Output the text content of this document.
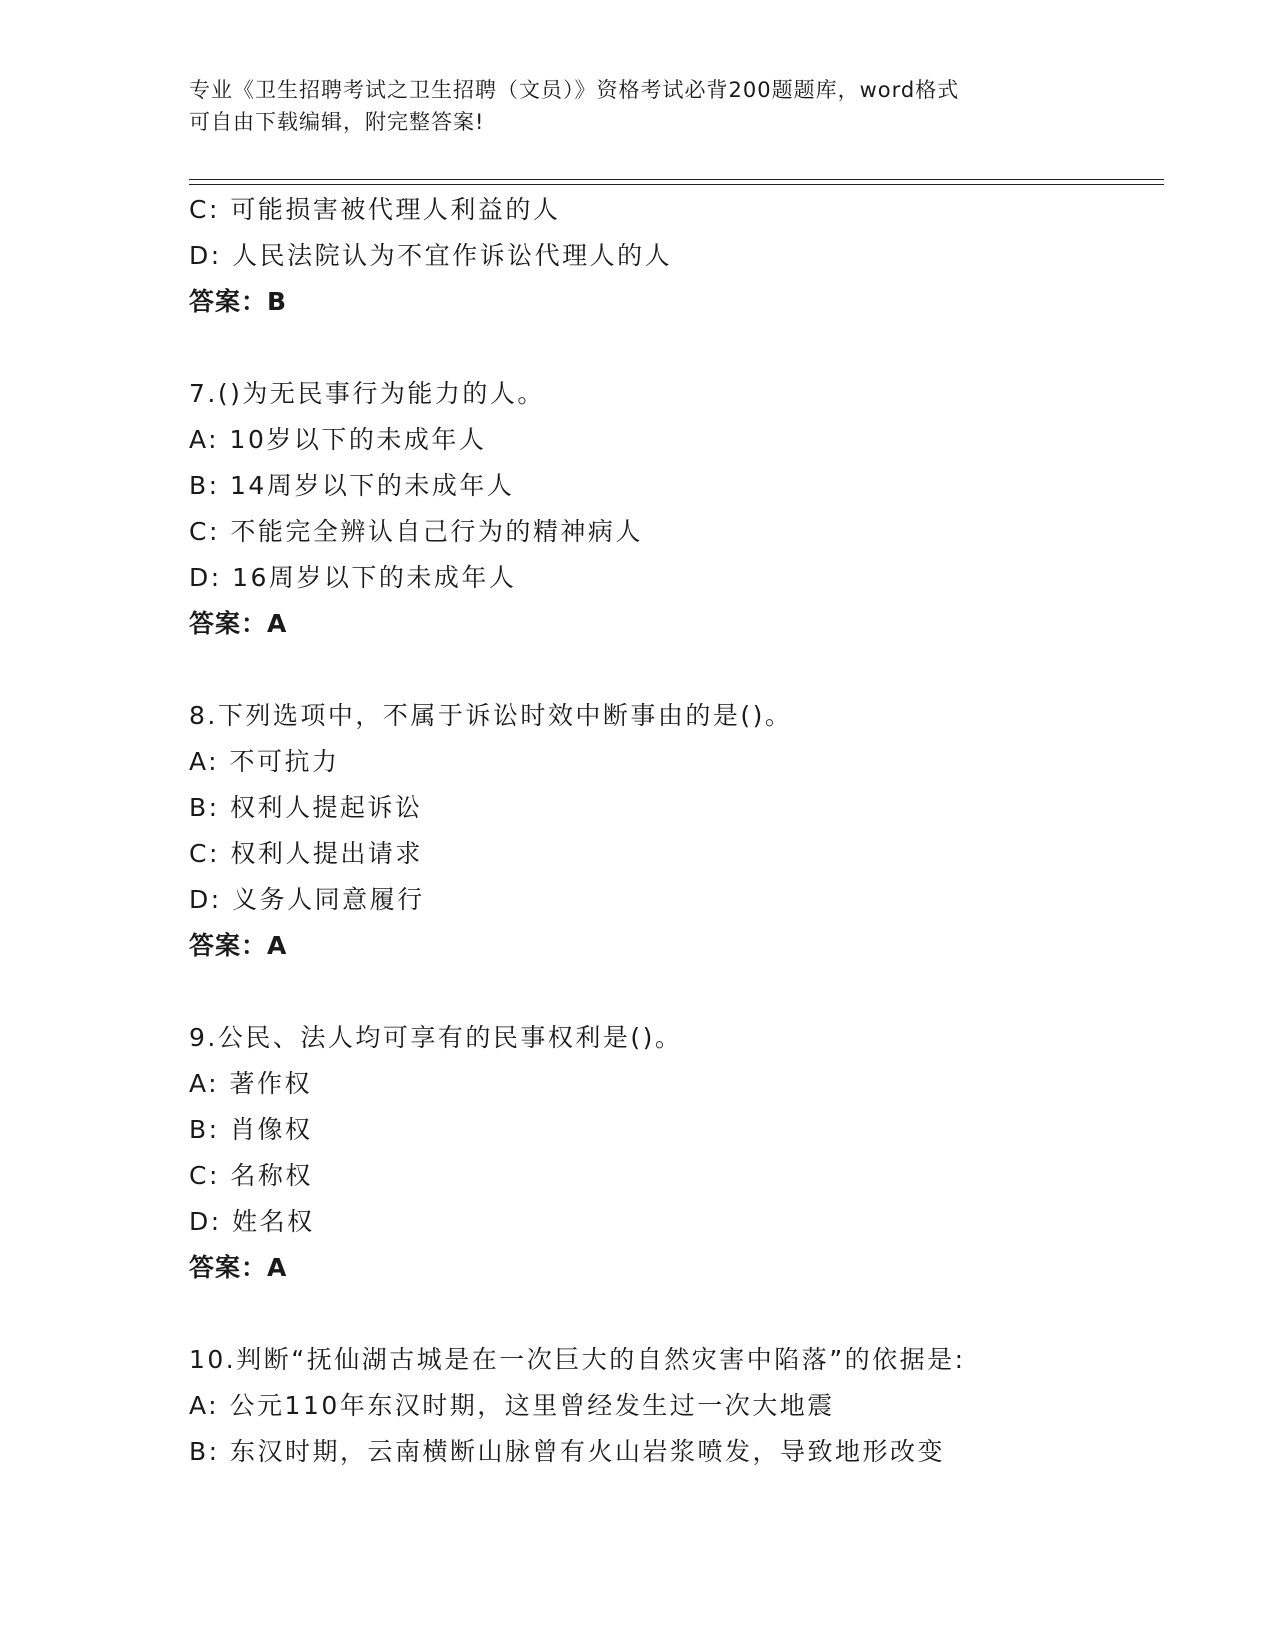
专业《卫生招聘考试之卫生招聘（文员）》资格考试必背200题题库，word格式
可自由下载编辑，附完整答案!
C: 可能损害被代理人利益的人
D: 人民法院认为不宜作诉讼代理人的人
答案：B
7.()为无民事行为能力的人。
A: 10岁以下的未成年人
B: 14周岁以下的未成年人
C: 不能完全辨认自己行为的精神病人
D: 16周岁以下的未成年人
答案：A
8.下列选项中，不属于诉讼时效中断事由的是()。
A: 不可抗力
B: 权利人提起诉讼
C: 权利人提出请求
D: 义务人同意履行
答案：A
9.公民、法人均可享有的民事权利是()。
A: 著作权
B: 肖像权
C: 名称权
D: 姓名权
答案：A
10.判断“抚仙湖古城是在一次巨大的自然灾害中陷落”的依据是:
A: 公元110年东汉时期，这里曾经发生过一次大地震
B: 东汉时期，云南横断山脉曾有火山岩浆喷发，导致地形改变
